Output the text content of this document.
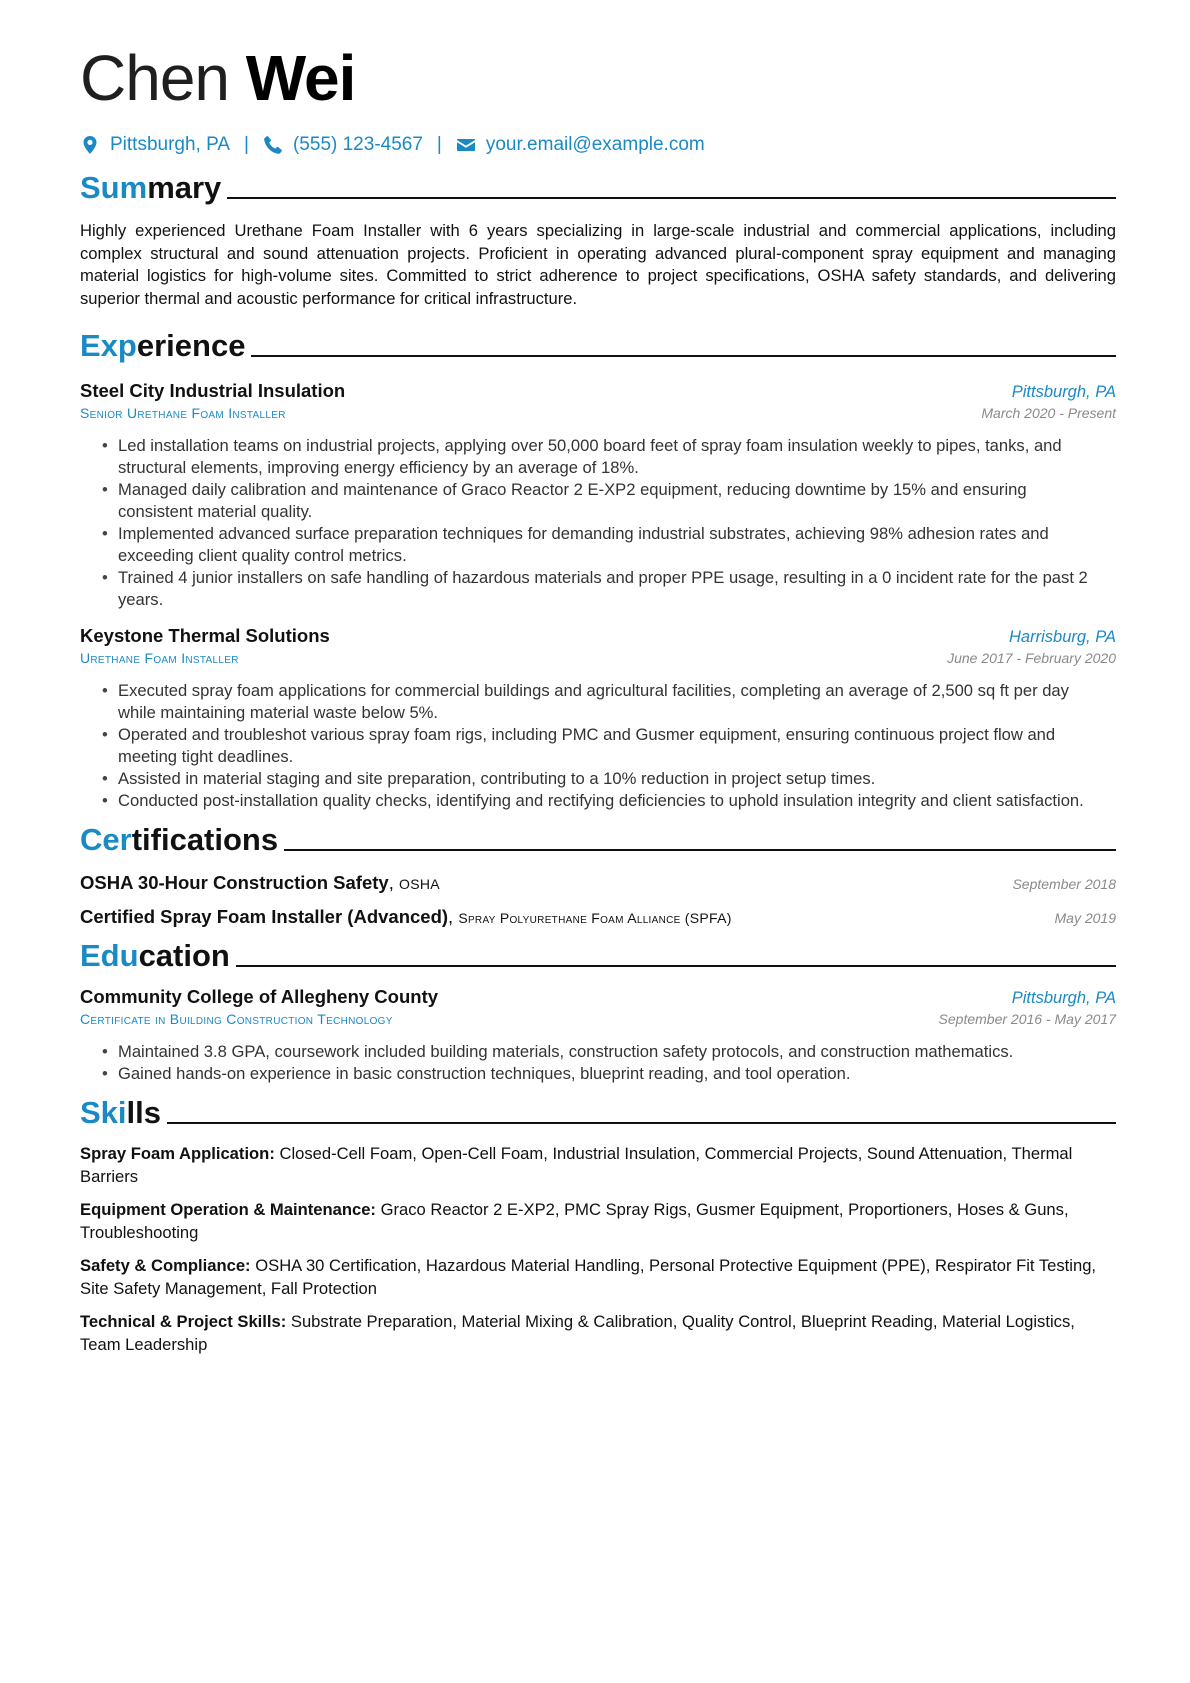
Chen Wei
Pittsburgh, PA | (555) 123-4567 | your.email@example.com
Summary
Highly experienced Urethane Foam Installer with 6 years specializing in large-scale industrial and commercial applications, including complex structural and sound attenuation projects. Proficient in operating advanced plural-component spray equipment and managing material logistics for high-volume sites. Committed to strict adherence to project specifications, OSHA safety standards, and delivering superior thermal and acoustic performance for critical infrastructure.
Experience
Steel City Industrial Insulation	Pittsburgh, PA
Senior Urethane Foam Installer	March 2020 - Present
• Led installation teams on industrial projects, applying over 50,000 board feet of spray foam insulation weekly to pipes, tanks, and structural elements, improving energy efficiency by an average of 18%.
• Managed daily calibration and maintenance of Graco Reactor 2 E-XP2 equipment, reducing downtime by 15% and ensuring consistent material quality.
• Implemented advanced surface preparation techniques for demanding industrial substrates, achieving 98% adhesion rates and exceeding client quality control metrics.
• Trained 4 junior installers on safe handling of hazardous materials and proper PPE usage, resulting in a 0 incident rate for the past 2 years.
Keystone Thermal Solutions	Harrisburg, PA
Urethane Foam Installer	June 2017 - February 2020
• Executed spray foam applications for commercial buildings and agricultural facilities, completing an average of 2,500 sq ft per day while maintaining material waste below 5%.
• Operated and troubleshot various spray foam rigs, including PMC and Gusmer equipment, ensuring continuous project flow and meeting tight deadlines.
• Assisted in material staging and site preparation, contributing to a 10% reduction in project setup times.
• Conducted post-installation quality checks, identifying and rectifying deficiencies to uphold insulation integrity and client satisfaction.
Certifications
OSHA 30-Hour Construction Safety, OSHA	September 2018
Certified Spray Foam Installer (Advanced), Spray Polyurethane Foam Alliance (SPFA)	May 2019
Education
Community College of Allegheny County	Pittsburgh, PA
Certificate in Building Construction Technology	September 2016 - May 2017
• Maintained 3.8 GPA, coursework included building materials, construction safety protocols, and construction mathematics.
• Gained hands-on experience in basic construction techniques, blueprint reading, and tool operation.
Skills
Spray Foam Application: Closed-Cell Foam, Open-Cell Foam, Industrial Insulation, Commercial Projects, Sound Attenuation, Thermal Barriers
Equipment Operation & Maintenance: Graco Reactor 2 E-XP2, PMC Spray Rigs, Gusmer Equipment, Proportioners, Hoses & Guns, Troubleshooting
Safety & Compliance: OSHA 30 Certification, Hazardous Material Handling, Personal Protective Equipment (PPE), Respirator Fit Testing, Site Safety Management, Fall Protection
Technical & Project Skills: Substrate Preparation, Material Mixing & Calibration, Quality Control, Blueprint Reading, Material Logistics, Team Leadership
